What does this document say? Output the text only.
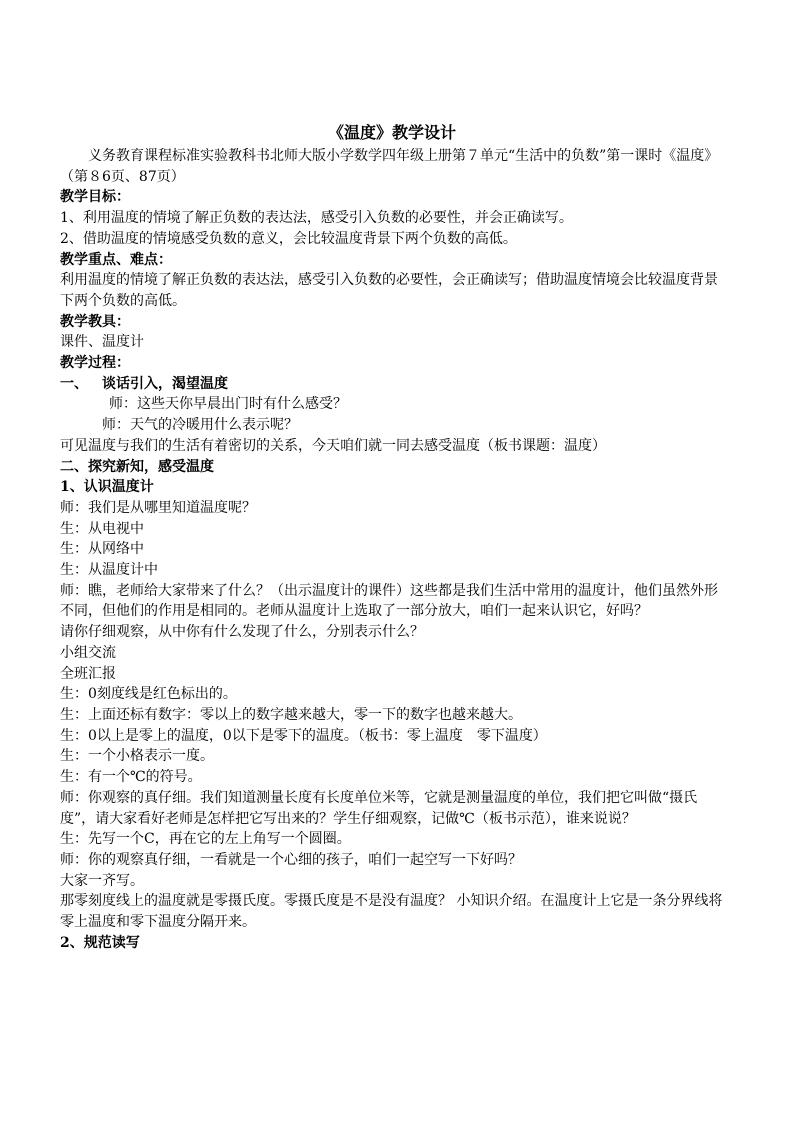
《温度》教学设计

义务教育课程标准实验教科书北师大版小学数学四年级上册第７单元“生活中的负数”第一课时《温度》（第８6页、87页）

教学目标：

1、利用温度的情境了解正负数的表达法，感受引入负数的必要性，并会正确读写。

2、借助温度的情境感受负数的意义，会比较温度背景下两个负数的高低。

教学重点、难点：

利用温度的情境了解正负数的表达法，感受引入负数的必要性，会正确读写；借助温度情境会比较温度背景下两个负数的高低。

教学教具：

课件、温度计

教学过程：

一、 谈话引入，渴望温度

师：这些天你早晨出门时有什么感受？

师：天气的冷暖用什么表示呢？

可见温度与我们的生活有着密切的关系，今天咱们就一同去感受温度（板书课题：温度）

二、探究新知，感受温度

1、认识温度计

师：我们是从哪里知道温度呢？

生：从电视中

生：从网络中

生：从温度计中

师：瞧，老师给大家带来了什么？（出示温度计的课件）这些都是我们生活中常用的温度计，他们虽然外形不同，但他们的作用是相同的。老师从温度计上选取了一部分放大，咱们一起来认识它，好吗？

请你仔细观察，从中你有什么发现了什么，分别表示什么？

小组交流

全班汇报

生：0刻度线是红色标出的。

生：上面还标有数字：零以上的数字越来越大，零一下的数字也越来越大。

生：0以上是零上的温度，0以下是零下的温度。（板书：零上温度　零下温度）

生：一个小格表示一度。

生：有一个℃的符号。

师：你观察的真仔细。我们知道测量长度有长度单位米等，它就是测量温度的单位，我们把它叫做“摄氏度”，请大家看好老师是怎样把它写出来的？学生仔细观察，记做℃（板书示范），谁来说说？

生：先写一个C，再在它的左上角写一个圆圈。

师：你的观察真仔细，一看就是一个心细的孩子，咱们一起空写一下好吗？

大家一齐写。

那零刻度线上的温度就是零摄氏度。零摄氏度是不是没有温度？ 小知识介绍。在温度计上它是一条分界线将零上温度和零下温度分隔开来。

2、规范读写
